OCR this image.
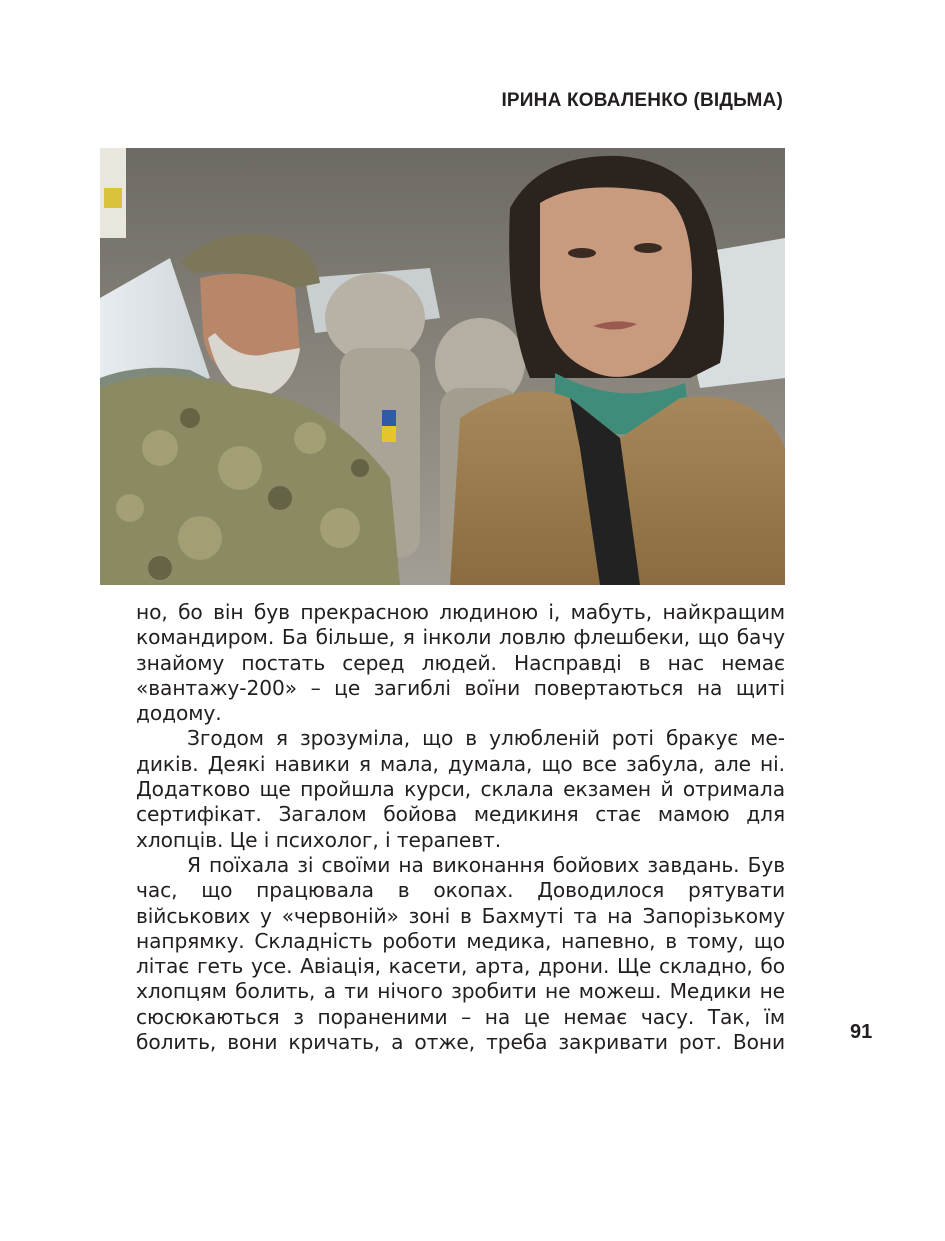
ІРИНА КОВАЛЕНКО (ВІДЬМА)

но, бо він був прекрасною людиною і, мабуть, найкращим командиром. Ба більше, я інколи ловлю флешбеки, що бачу знайому постать серед людей. Насправді в нас немає «вантажу-200» – це загиблі воїни повертаються на щиті додому.

Згодом я зрозуміла, що в улюбленій роті бракує медиків. Деякі навики я мала, думала, що все забула, але ні. Додатково ще пройшла курси, склала екзамен й отримала сертифікат. Загалом бойова медикиня стає мамою для хлопців. Це і психолог, і терапевт.

Я поїхала зі своїми на виконання бойових завдань. Був час, що працювала в окопах. Доводилося рятувати військових у «червоній» зоні в Бахмуті та на Запорізькому напрямку. Складність роботи медика, напевно, в тому, що літає геть усе. Авіація, касети, арта, дрони. Ще складно, бо хлопцям болить, а ти нічого зробити не можеш. Медики не сюсюкаються з пораненими – на це немає часу. Так, їм болить, вони кричать, а отже, треба закривати рот. Вони	91
